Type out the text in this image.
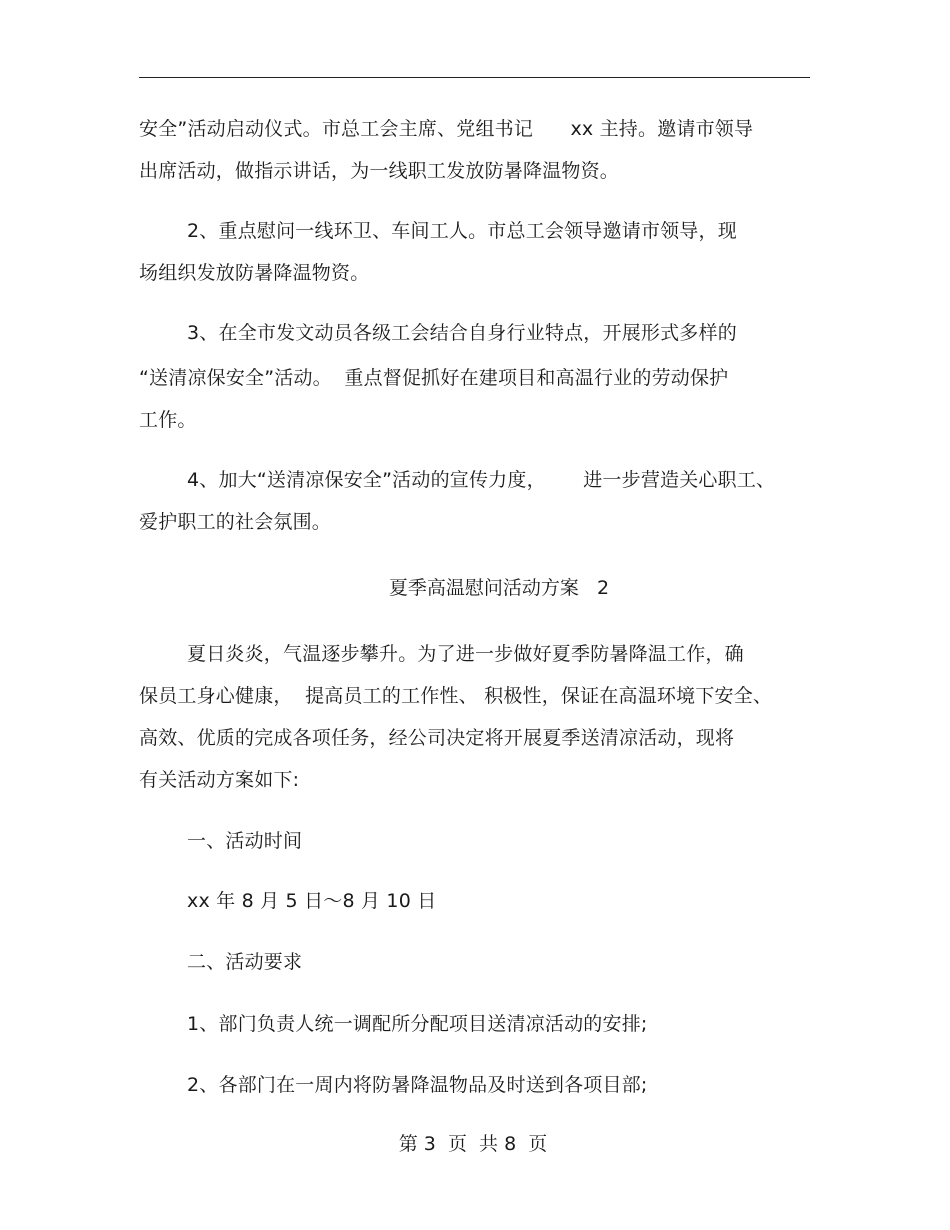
安全”活动启动仪式。市总工会主席、党组书记      xx 主持。邀请市领导
出席活动，做指示讲话，为一线职工发放防暑降温物资。
2、重点慰问一线环卫、车间工人。市总工会领导邀请市领导，现
场组织发放防暑降温物资。
3、在全市发文动员各级工会结合自身行业特点，开展形式多样的
“送清凉保安全”活动。  重点督促抓好在建项目和高温行业的劳动保护
工作。
4、加大“送清凉保安全”活动的宣传力度，      进一步营造关心职工、
爱护职工的社会氛围。
夏季高温慰问活动方案   2
夏日炎炎，气温逐步攀升。为了进一步做好夏季防暑降温工作，确
保员工身心健康，  提高员工的工作性、 积极性，保证在高温环境下安全、
高效、优质的完成各项任务，经公司决定将开展夏季送清凉活动，现将
有关活动方案如下:
一、活动时间
xx 年 8 月 5 日～8 月 10 日
二、活动要求
1、部门负责人统一调配所分配项目送清凉活动的安排;
2、各部门在一周内将防暑降温物品及时送到各项目部;
第 3  页  共 8  页
